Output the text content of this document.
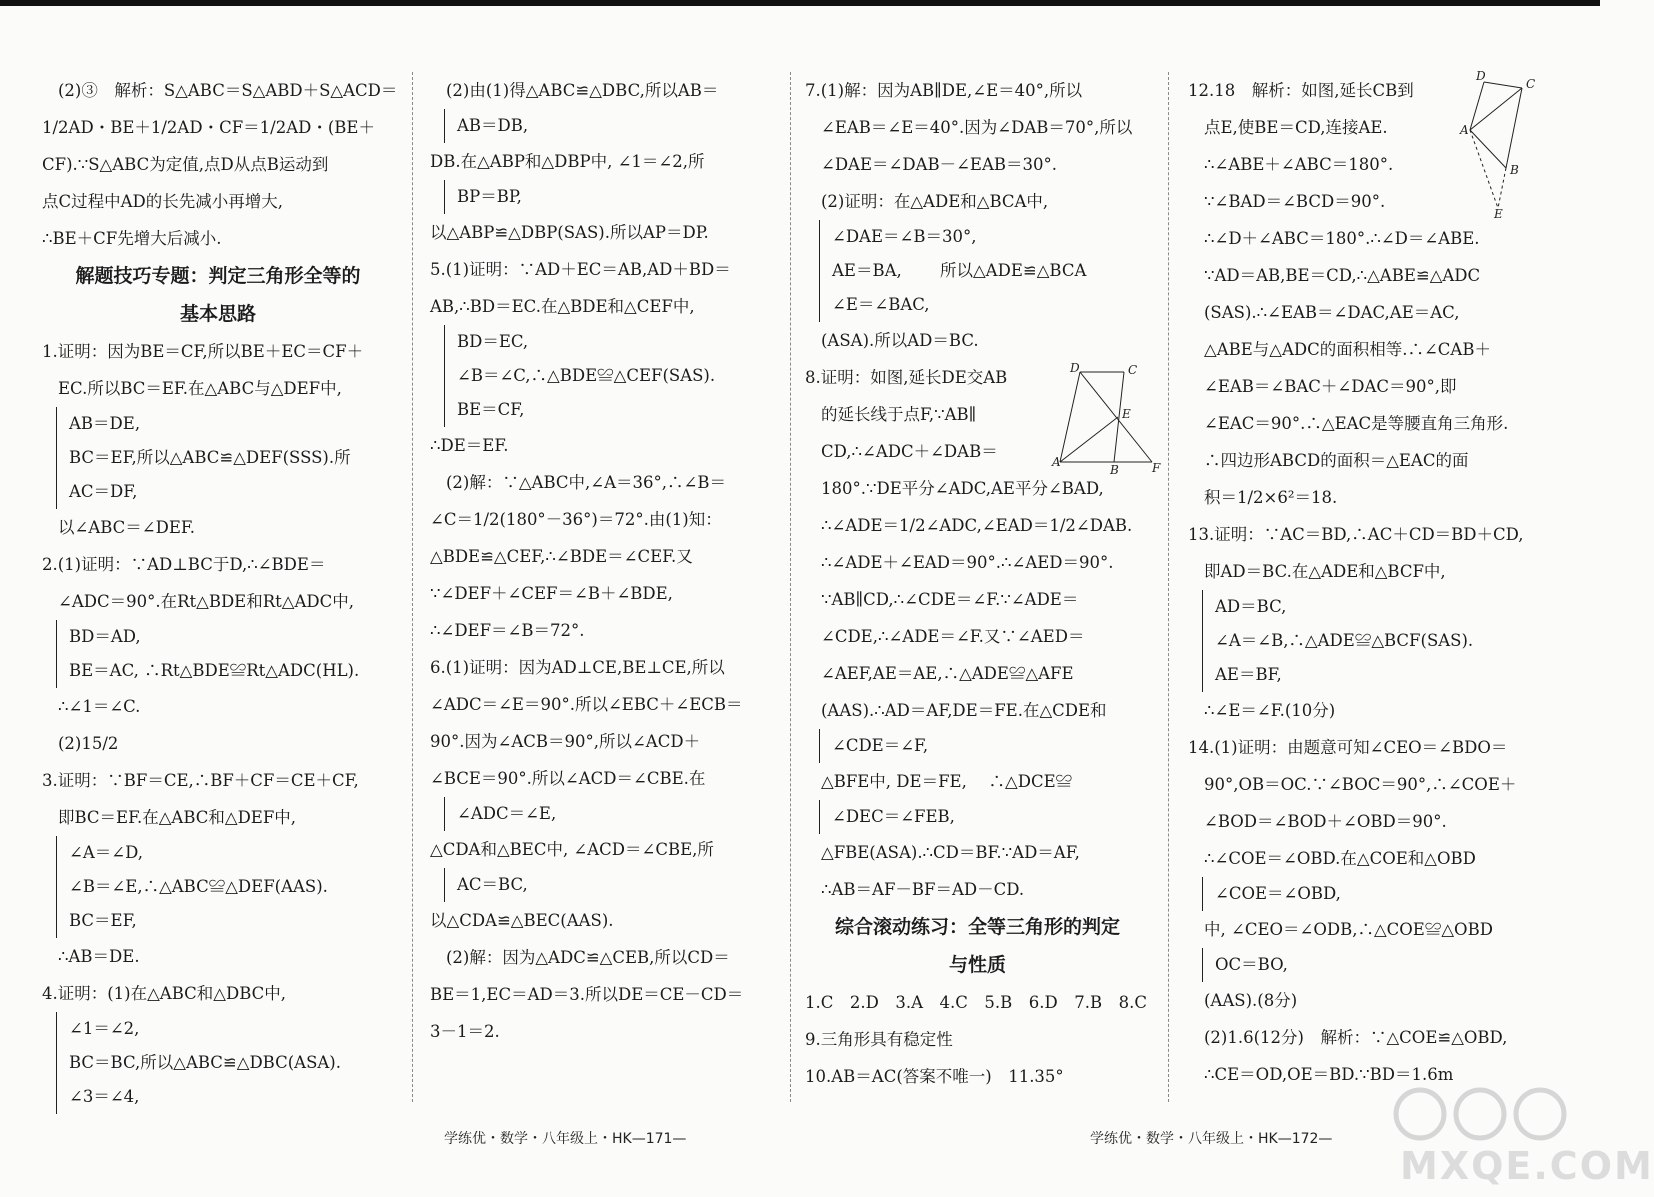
(2)③　解析：S△ABC＝S△ABD＋S△ACD＝
1/2AD・BE＋1/2AD・CF＝1/2AD・(BE＋
CF).∵S△ABC为定值,点D从点B运动到
点C过程中AD的长先减小再增大,
∴BE＋CF先增大后减小.
解题技巧专题：判定三角形全等的
基本思路
1.证明：因为BE＝CF,所以BE＋EC＝CF＋
EC.所以BC＝EF.在△ABC与△DEF中,
AB＝DE,
BC＝EF,所以△ABC≌△DEF(SSS).所
AC＝DF,
以∠ABC＝∠DEF.
2.(1)证明：∵AD⊥BC于D,∴∠BDE＝
∠ADC＝90°.在Rt△BDE和Rt△ADC中,
BD＝AD,
BE＝AC, ∴Rt△BDE≌Rt△ADC(HL).
∴∠1＝∠C.
(2)15/2
3.证明：∵BF＝CE,∴BF＋CF＝CE＋CF,
即BC＝EF.在△ABC和△DEF中,
∠A＝∠D,
∠B＝∠E,∴△ABC≌△DEF(AAS).
BC＝EF,
∴AB＝DE.
4.证明：(1)在△ABC和△DBC中,
∠1＝∠2,
BC＝BC,所以△ABC≌△DBC(ASA).
∠3＝∠4,
(2)由(1)得△ABC≌△DBC,所以AB＝
AB＝DB,
DB.在△ABP和△DBP中, ∠1＝∠2,所
BP＝BP,
以△ABP≌△DBP(SAS).所以AP＝DP.
5.(1)证明：∵AD＋EC＝AB,AD＋BD＝
AB,∴BD＝EC.在△BDE和△CEF中,
BD＝EC,
∠B＝∠C,∴△BDE≌△CEF(SAS).
BE＝CF,
∴DE＝EF.
(2)解：∵△ABC中,∠A＝36°,∴∠B＝
∠C＝1/2(180°－36°)＝72°.由(1)知：
△BDE≌△CEF,∴∠BDE＝∠CEF.又
∵∠DEF＋∠CEF＝∠B＋∠BDE,
∴∠DEF＝∠B＝72°.
6.(1)证明：因为AD⊥CE,BE⊥CE,所以
∠ADC＝∠E＝90°.所以∠EBC＋∠ECB＝
90°.因为∠ACB＝90°,所以∠ACD＋
∠BCE＝90°.所以∠ACD＝∠CBE.在
∠ADC＝∠E,
△CDA和△BEC中, ∠ACD＝∠CBE,所
AC＝BC,
以△CDA≌△BEC(AAS).
(2)解：因为△ADC≌△CEB,所以CD＝
BE＝1,EC＝AD＝3.所以DE＝CE－CD＝
3－1＝2.
7.(1)解：因为AB∥DE,∠E＝40°,所以
∠EAB＝∠E＝40°.因为∠DAB＝70°,所以
∠DAE＝∠DAB－∠EAB＝30°.
(2)证明：在△ADE和△BCA中,
∠DAE＝∠B＝30°,
AE＝BA,　　 所以△ADE≌△BCA
∠E＝∠BAC,
(ASA).所以AD＝BC.
8.证明：如图,延长DE交AB
的延长线于点F,∵AB∥
CD,∴∠ADC＋∠DAB＝
180°.∵DE平分∠ADC,AE平分∠BAD,
∴∠ADE＝1/2∠ADC,∠EAD＝1/2∠DAB.
∴∠ADE＋∠EAD＝90°.∴∠AED＝90°.
∵AB∥CD,∴∠CDE＝∠F.∵∠ADE＝
∠CDE,∴∠ADE＝∠F.又∵∠AED＝
∠AEF,AE＝AE,∴△ADE≌△AFE
(AAS).∴AD＝AF,DE＝FE.在△CDE和
∠CDE＝∠F,
△BFE中, DE＝FE,　 ∴△DCE≌
∠DEC＝∠FEB,
△FBE(ASA).∴CD＝BF.∵AD＝AF,
∴AB＝AF－BF＝AD－CD.
综合滚动练习：全等三角形的判定
与性质
1.C　2.D　3.A　4.C　5.B　6.D　7.B　8.C
9.三角形具有稳定性
10.AB＝AC(答案不唯一)　11.35°
12.18　解析：如图,延长CB到
点E,使BE＝CD,连接AE.
∴∠ABE＋∠ABC＝180°.
∵∠BAD＝∠BCD＝90°.
∴∠D＋∠ABC＝180°.∴∠D＝∠ABE.
∵AD＝AB,BE＝CD,∴△ABE≌△ADC
(SAS).∴∠EAB＝∠DAC,AE＝AC,
△ABE与△ADC的面积相等.∴∠CAB＋
∠EAB＝∠BAC＋∠DAC＝90°,即
∠EAC＝90°.∴△EAC是等腰直角三角形.
∴四边形ABCD的面积＝△EAC的面
积＝1/2×6²＝18.
13.证明：∵AC＝BD,∴AC＋CD＝BD＋CD,
即AD＝BC.在△ADE和△BCF中,
AD＝BC,
∠A＝∠B,∴△ADE≌△BCF(SAS).
AE＝BF,
∴∠E＝∠F.(10分)
14.(1)证明：由题意可知∠CEO＝∠BDO＝
90°,OB＝OC.∵∠BOC＝90°,∴∠COE＋
∠BOD＝∠BOD＋∠OBD＝90°.
∴∠COE＝∠OBD.在△COE和△OBD
∠COE＝∠OBD,
中, ∠CEO＝∠ODB,∴△COE≌△OBD
OC＝BO,
(AAS).(8分)
(2)1.6(12分)　解析：∵△COE≌△OBD,
∴CE＝OD,OE＝BD.∵BD＝1.6m
D	C
E
A
B	F
D
C
A
B
E
学练优・数学・八年级上・HK—171—	学练优・数学・八年级上・HK—172—
MXQE.COM
